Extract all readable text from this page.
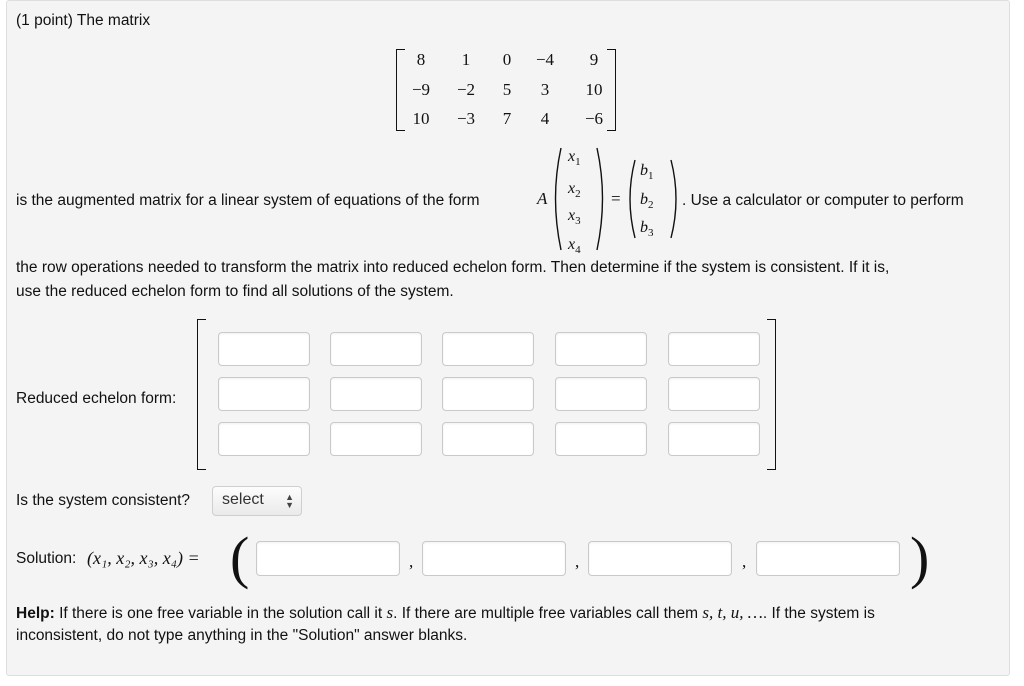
(1 point) The matrix
8	1	0	−4	9
−9	−2	5	3	10
10	−3	7	4	−6
is the augmented matrix for a linear system of equations of the form	A
$x_1$
$x_2$
$x_3$
$x_4$
=
$b_1$
$b_2$
$b_3$
. Use a calculator or computer to perform
the row operations needed to transform the matrix into reduced echelon form. Then determine if the system is consistent. If it is,
use the reduced echelon form to find all solutions of the system.
Reduced echelon form:
Is the system consistent?	select ▲
▼
Solution: (x₁, x₂, x₃, x₄) = (	)
,	,	,
Help: If there is one free variable in the solution call it s. If there are multiple free variables call them s, t, u, …. If the system is
inconsistent, do not type anything in the "Solution" answer blanks.
